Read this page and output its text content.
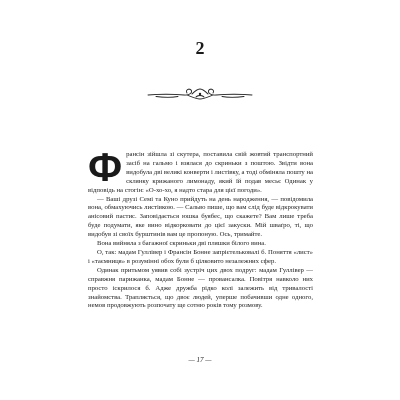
2

Франсін зійшла зі скутера, поставила свій жовтий транспортний засіб на гальмо і взялася до скриньки з поштою. Звідти вона видобула дві великі конверти і листівку, а тоді обміняла пошту на склянку крижаного лимонаду, який їй подав месьє Одинак у відповідь на стогін: «О-хо-хо, я надто стара для цієї погоди».

— Ваші друзі Семі та Куно прийдуть на день народження, — повідомила вона, обмахуючись листівкою. — Сальво пише, що вам слід буде відкрокувати анісовий пастис. Заповідається юшка буябес, що скажете? Вам лише треба буде подумати, яке вино відкорковати до цієї закуски. Мій шваґро, ті, що видобув зі своїх бурштинів вам це пропоную. Ось, тримайте.

Вона вийняла з багажної скриньки дві пляшки білого вина.

О, так: мадам Гуллівер і Франсін Бонне запрієтельковалі б. Поняття «лист» і «таємниця» в розумінні обох були б цілковито незалежних сфер.

Одинак притьмом уявив собі зустріч цих двох подруг: мадам Гуллівер — справжня парижанка, мадам Бонне — провансалка. Повітря навколо них просто іскрилося б. Адже дружба рідко колі залежить від тривалості знайомства. Трапляється, що двоє людей, уперше побачивши одне одного, немов продовжують розпочату ще сотню років тому розмову.

— 17 —
